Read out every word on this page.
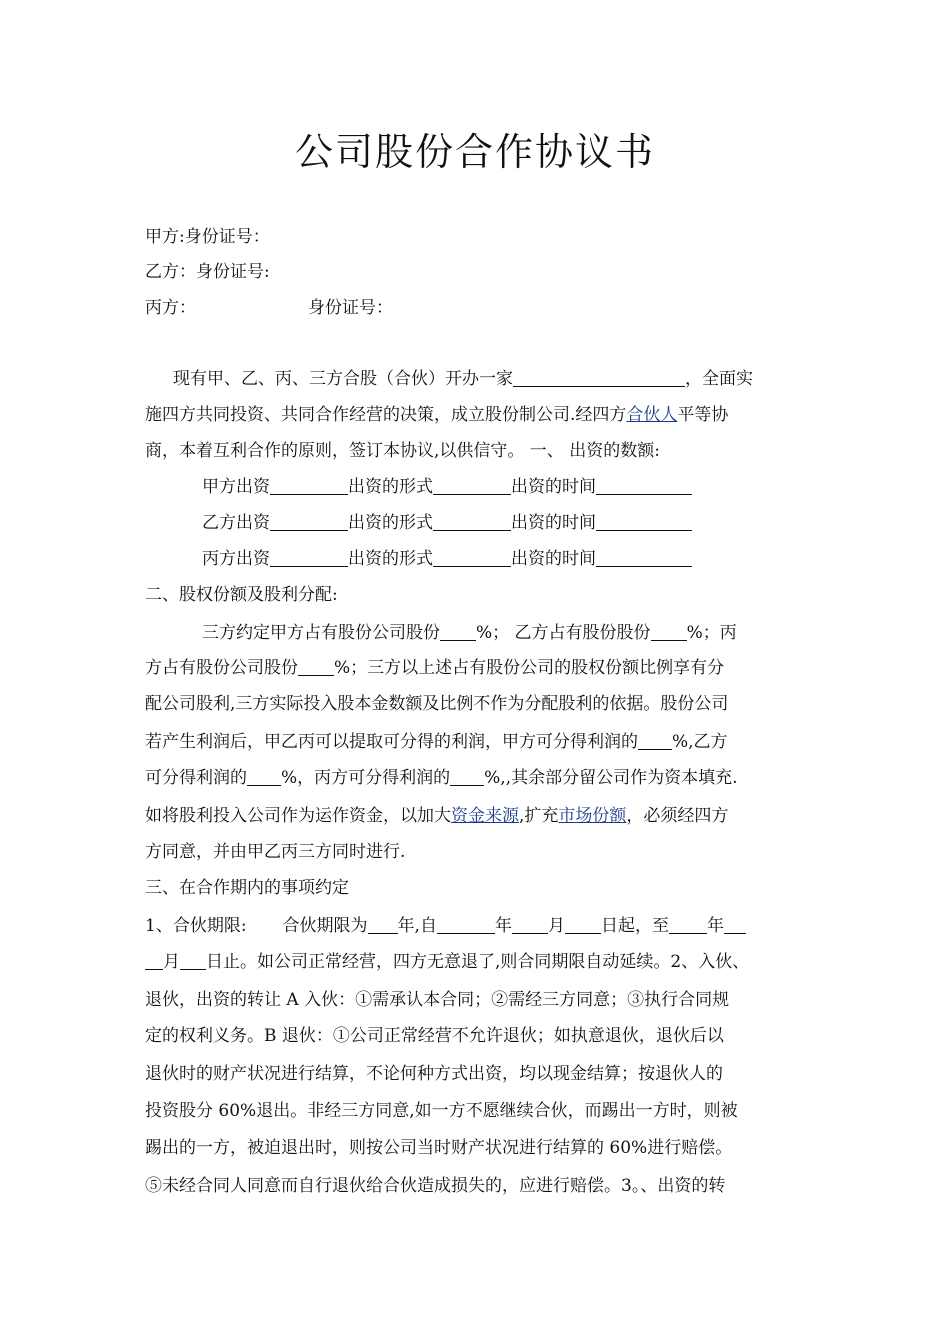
公司股份合作协议书
甲方:身份证号：
乙方：身份证号:
丙方：	身份证号：
现有甲、乙、丙、三方合股（合伙）开办一家	，全面实
施四方共同投资、共同合作经营的决策，成立股份制公司.经四方合伙人平等协
商，本着互利合作的原则，签订本协议,以供信守。 一、 出资的数额:
甲方出资	出资的形式	出资的时间
乙方出资	出资的形式	出资的时间
丙方出资	出资的形式	出资的时间
二、股权份额及股利分配:
三方约定甲方占有股份公司股份 %； 乙方占有股份股份 %；丙
方占有股份公司股份 %；三方以上述占有股份公司的股权份额比例享有分
配公司股利,三方实际投入股本金数额及比例不作为分配股利的依据。股份公司
若产生利润后，甲乙丙可以提取可分得的利润，甲方可分得利润的 %,乙方
可分得利润的 %，丙方可分得利润的 %,,其余部分留公司作为资本填充.
如将股利投入公司作为运作资金，以加大资金来源,扩充市场份额，必须经四方
方同意，并由甲乙丙三方同时进行.
三、在合作期内的事项约定
1、合伙期限: 合伙期限为 年,自	年 月 日起，至 年
月 日止。如公司正常经营，四方无意退了,则合同期限自动延续。2、入伙、
退伙，出资的转让 A 入伙：①需承认本合同；②需经三方同意；③执行合同规
定的权利义务。B 退伙：①公司正常经营不允许退伙；如执意退伙，退伙后以
退伙时的财产状况进行结算，不论何种方式出资，均以现金结算；按退伙人的
投资股分 60%退出。非经三方同意,如一方不愿继续合伙，而踢出一方时，则被
踢出的一方，被迫退出时，则按公司当时财产状况进行结算的 60%进行赔偿。
⑤未经合同人同意而自行退伙给合伙造成损失的，应进行赔偿。3。、出资的转
